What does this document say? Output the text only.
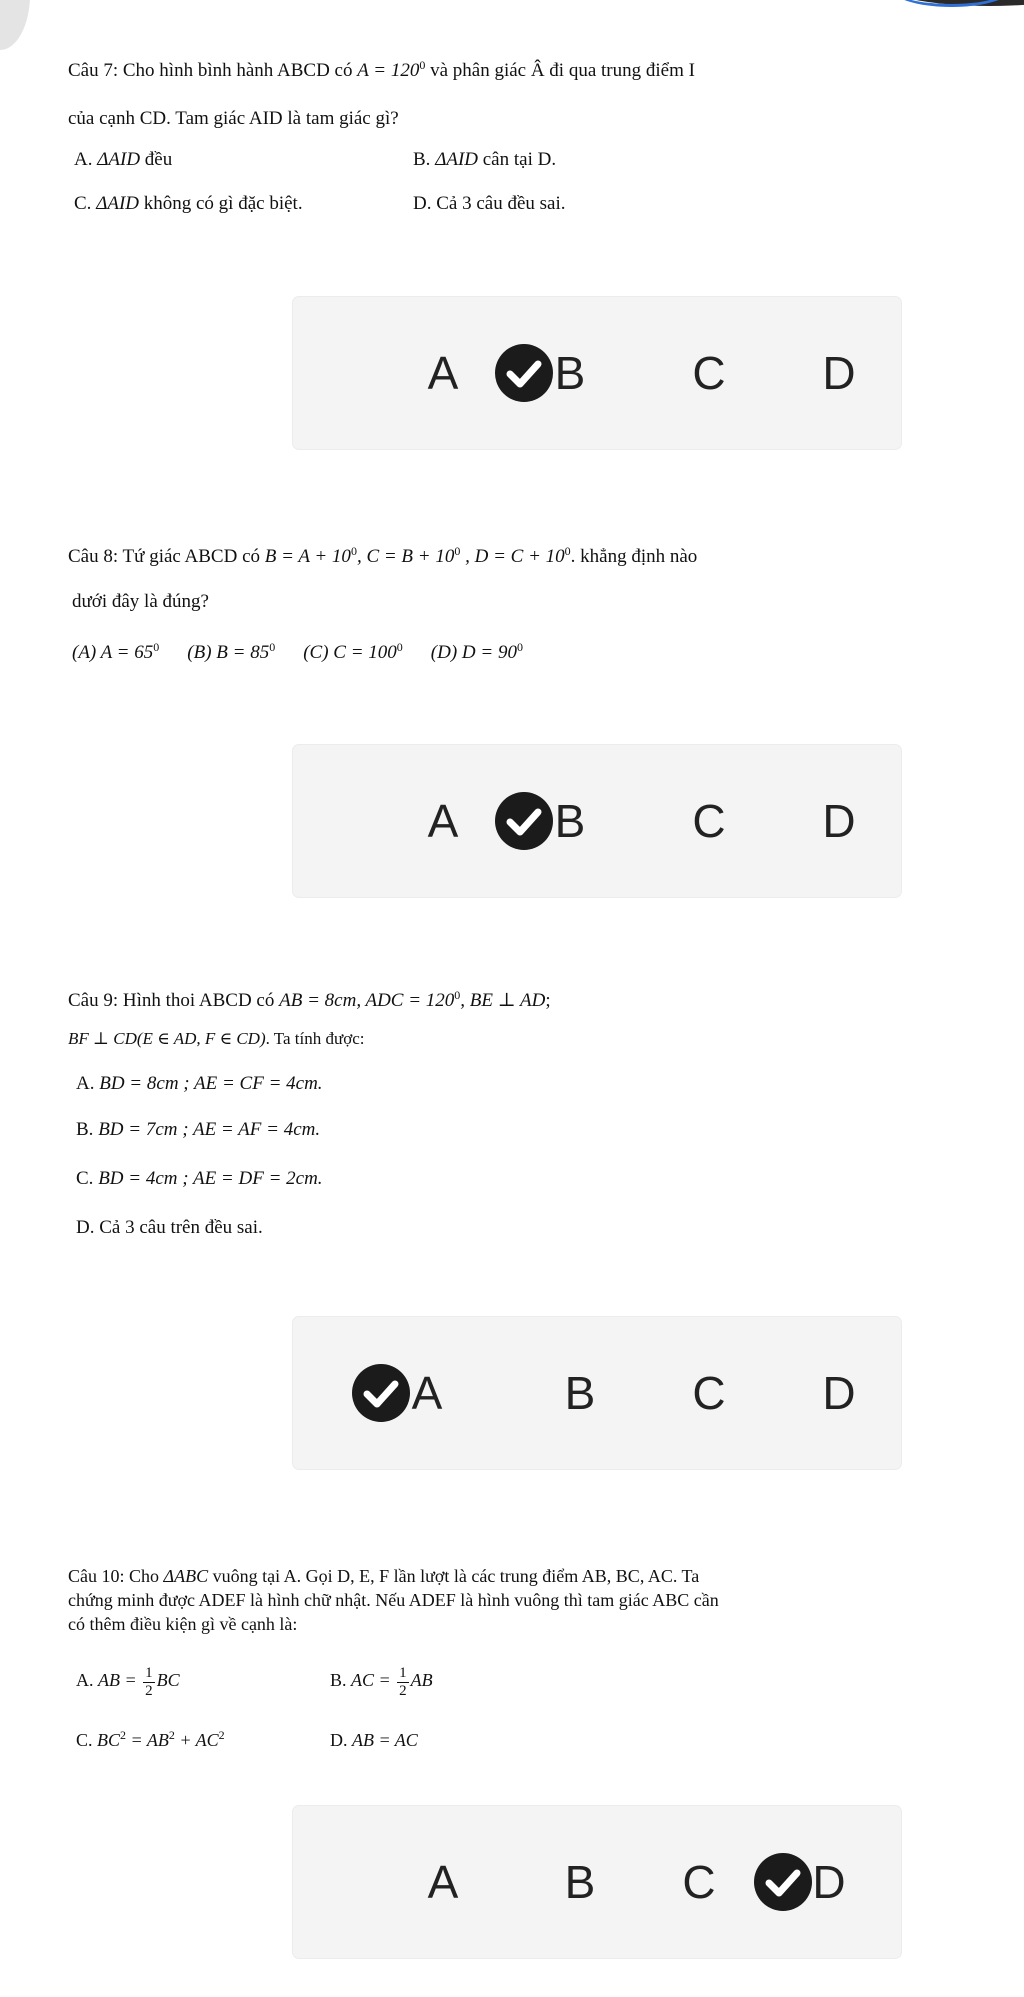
Câu 7: Cho hình bình hành ABCD có $A = 120^0$ và phân giác Â đi qua trung điểm I
của cạnh CD. Tam giác AID là tam giác gì?
A. ΔAID đều	B. ΔAID cân tại D.
C. ΔAID không có gì đặc biệt.	D. Cả 3 câu đều sai.
A B C D
Câu 8: Tứ giác ABCD có $B = A + 10^0$, $C = B + 10^0$ , $D = C + 10^0$. khẳng định nào
dưới đây là đúng?
(A) $A = 65^0$ (B) $B = 85^0$ (C) $C = 100^0$ (D) $D = 90^0$
A B C D
Câu 9: Hình thoi ABCD có AB = 8cm, ADC = $120^0$, BE ⊥ AD;
BF ⊥ CD(E ∈ AD, F ∈ CD). Ta tính được:
A. BD = 8cm ; AE = CF = 4cm.
B. BD = 7cm ; AE = AF = 4cm.
C. BD = 4cm ; AE = DF = 2cm.
D. Cả 3 câu trên đều sai.
A	B C D
Câu 10: Cho ΔABC vuông tại A. Gọi D, E, F lần lượt là các trung điểm AB, BC, AC. Ta
chứng minh được ADEF là hình chữ nhật. Nếu ADEF là hình vuông thì tam giác ABC cần
có thêm điều kiện gì về cạnh là:
A. AB = $\frac{1}{2}$ BC	B. AC = $\frac{1}{2}$ AB
C. $BC^2 = AB^2 + AC^2$	D. AB = AC
A B C D
